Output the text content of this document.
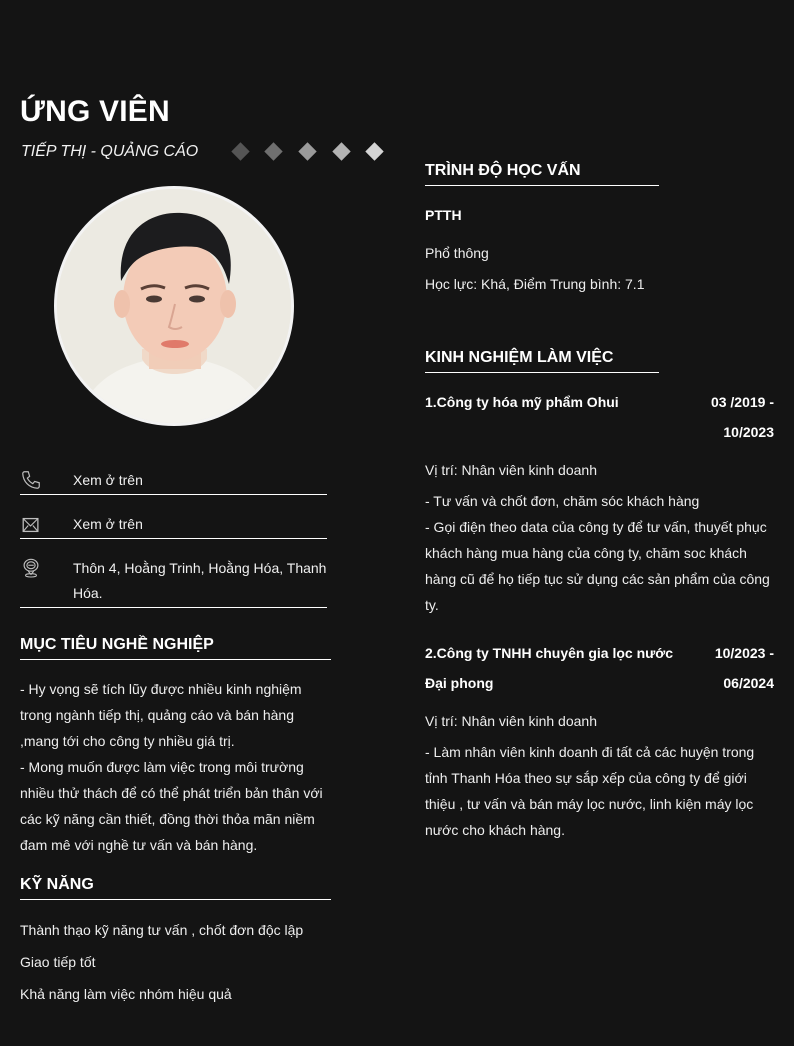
ỨNG VIÊN
TIẾP THỊ - QUẢNG CÁO
Xem ở trên
Xem ở trên
Thôn 4, Hoằng Trinh, Hoằng Hóa, Thanh
Hóa.
MỤC TIÊU NGHỀ NGHIỆP
- Hy vọng sẽ tích lũy được nhiều kinh nghiệm
trong ngành tiếp thị, quảng cáo và bán hàng
,mang tới cho công ty nhiều giá trị.
- Mong muốn được làm việc trong môi trường
nhiều thử thách để có thể phát triển bản thân với
các kỹ năng cần thiết, đồng thời thỏa mãn niềm
đam mê với nghề tư vấn và bán hàng.
KỸ NĂNG
Thành thạo kỹ năng tư vấn , chốt đơn độc lập
Giao tiếp tốt
Khả năng làm việc nhóm hiệu quả
TRÌNH ĐỘ HỌC VẤN
PTTH
Phổ thông
Học lực: Khá, Điểm Trung bình: 7.1
KINH NGHIỆM LÀM VIỆC
1.Công ty hóa mỹ phẩm Ohui	03 /2019 -
10/2023
Vị trí: Nhân viên kinh doanh
- Tư vấn và chốt đơn, chăm sóc khách hàng
- Gọi điện theo data của công ty để tư vấn, thuyết phục
khách hàng mua hàng của công ty, chăm soc khách
hàng cũ để họ tiếp tục sử dụng các sản phẩm của công
ty.
2.Công ty TNHH chuyên gia lọc nước
Đại phong
10/2023 -
06/2024
Vị trí: Nhân viên kinh doanh
- Làm nhân viên kinh doanh đi tất cả các huyện trong
tỉnh Thanh Hóa theo sự sắp xếp của công ty để giới
thiệu , tư vấn và bán máy lọc nước, linh kiện máy lọc
nước cho khách hàng.
